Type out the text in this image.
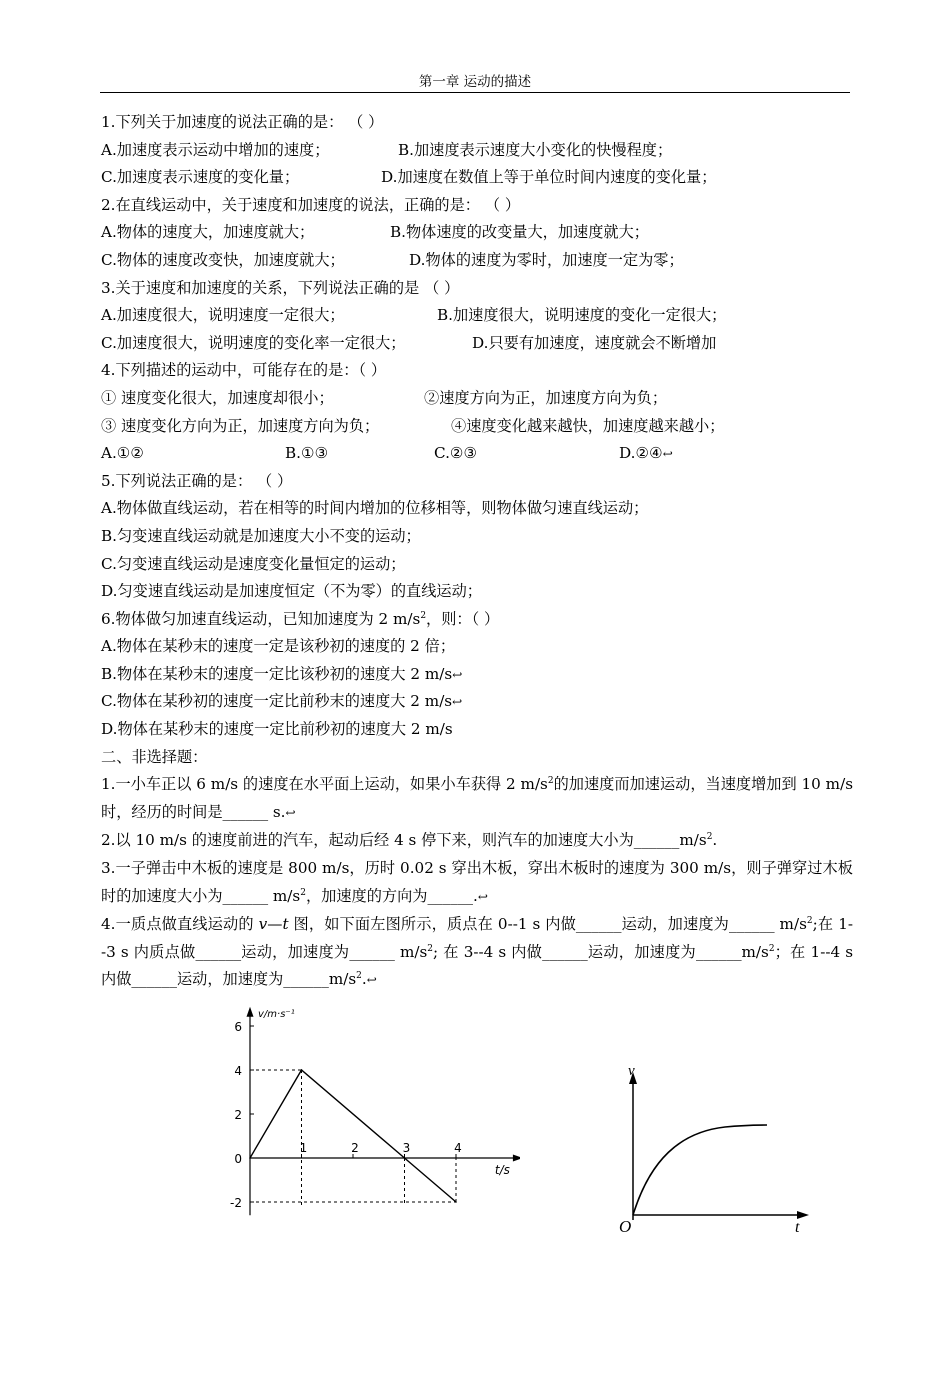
第一章 运动的描述
1.下列关于加速度的说法正确的是： （ ）
A.加速度表示运动中增加的速度；	B.加速度表示速度大小变化的快慢程度；
C.加速度表示速度的变化量；	D.加速度在数值上等于单位时间内速度的变化量；
2.在直线运动中，关于速度和加速度的说法，正确的是： （ ）
A.物体的速度大，加速度就大；	B.物体速度的改变量大，加速度就大；
C.物体的速度改变快，加速度就大；	D.物体的速度为零时，加速度一定为零；
3.关于速度和加速度的关系，下列说法正确的是 （ ）
A.加速度很大，说明速度一定很大；	B.加速度很大，说明速度的变化一定很大；
C.加速度很大，说明速度的变化率一定很大；	D.只要有加速度，速度就会不断增加
4.下列描述的运动中，可能存在的是：（ ）
① 速度变化很大，加速度却很小；	②速度方向为正，加速度方向为负；
③ 速度变化方向为正，加速度方向为负；	④速度变化越来越快，加速度越来越小；
A.①②	B.①③	C.②③	D.②④↩
5.下列说法正确的是： （ ）
A.物体做直线运动，若在相等的时间内增加的位移相等，则物体做匀速直线运动；
B.匀变速直线运动就是加速度大小不变的运动；
C.匀变速直线运动是速度变化量恒定的运动；
D.匀变速直线运动是加速度恒定（不为零）的直线运动；
6.物体做匀加速直线运动，已知加速度为 2 $m/s^2$，则：（ ）
A.物体在某秒末的速度一定是该秒初的速度的 2 倍；
B.物体在某秒末的速度一定比该秒初的速度大 2 m/s↩
C.物体在某秒初的速度一定比前秒末的速度大 2 m/s↩
D.物体在某秒末的速度一定比前秒初的速度大 2 m/s
二、非选择题：
1.一小车正以 6 m/s 的速度在水平面上运动，如果小车获得 2 $m/s^2$的加速度而加速运动，当速度增加到 10 m/s 时，经历的时间是______ s.↩
2.以 10 m/s 的速度前进的汽车，起动后经 4 s 停下来，则汽车的加速度大小为$\_\_\_\_\_\_m/s^2$.
3.一子弹击中木板的速度是 800 m/s，历时 0.02 s 穿出木板，穿出木板时的速度为 300 m/s，则子弹穿过木板时的加速度大小为______ $m/s^2$，加速度的方向为______.↩
4.一质点做直线运动的 v—t 图，如下面左图所示，质点在 0--1 s 内做______运动，加速度为______ $m/s^2$;在 1--3 s 内质点做______运动，加速度为______ $m/s^2$; 在 3--4 s 内做______运动，加速度为$\_\_\_\_\_\_m/s^2$；在 1--4 s 内做______运动，加速度为$\_\_\_\_\_\_m/s^2.↩$
6
4
2
0
-2
1	2	3	4
v/m·s⁻¹
t/s
v
t
O
